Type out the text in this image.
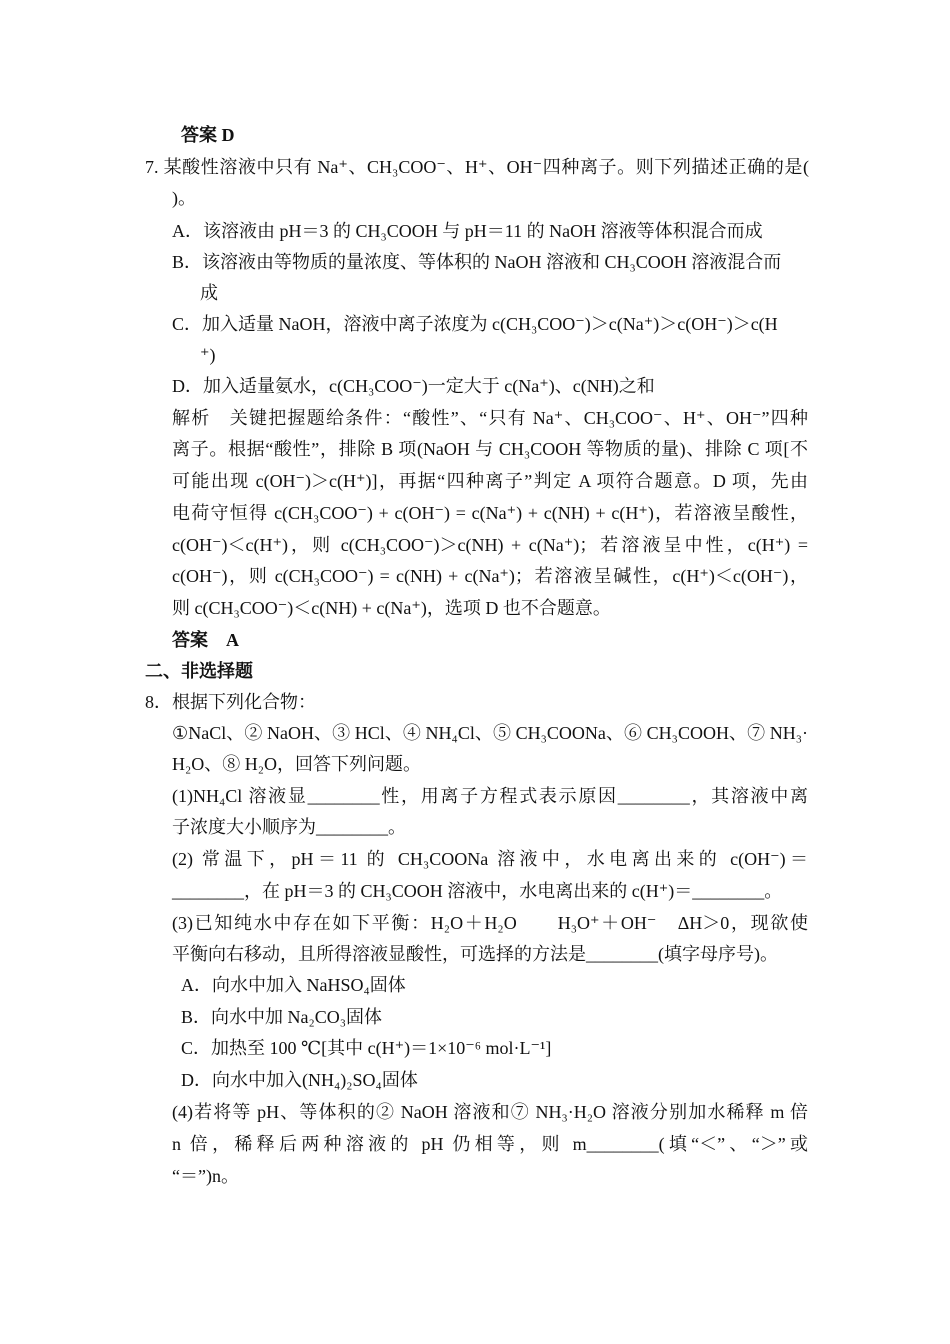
答案 D
7. 某酸性溶液中只有 Na⁺、CH₃COO⁻、H⁺、OH⁻四种离子。则下列描述正确的是(
)。
A．该溶液由 pH＝3 的 CH₃COOH 与 pH＝11 的 NaOH 溶液等体积混合而成
B．该溶液由等物质的量浓度、等体积的 NaOH 溶液和 CH₃COOH 溶液混合而
成
C．加入适量 NaOH，溶液中离子浓度为 c(CH₃COO⁻)＞c(Na⁺)＞c(OH⁻)＞c(H
⁺)
D．加入适量氨水，c(CH₃COO⁻)一定大于 c(Na⁺)、c(NH)之和
解析　关键把握题给条件：“酸性”、“只有 Na⁺、CH₃COO⁻、H⁺、OH⁻”四种
离子。根据“酸性”，排除 B 项(NaOH 与 CH₃COOH 等物质的量)、排除 C 项[不
可能出现 c(OH⁻)＞c(H⁺)]，再据“四种离子”判定 A 项符合题意。D 项，先由
电荷守恒得 c(CH₃COO⁻) + c(OH⁻) = c(Na⁺) + c(NH) + c(H⁺)，若溶液呈酸性，
c(OH⁻)＜c(H⁺)，则 c(CH₃COO⁻)＞c(NH) + c(Na⁺)；若溶液呈中性，c(H⁺) =
c(OH⁻)，则 c(CH₃COO⁻) = c(NH) + c(Na⁺)；若溶液呈碱性，c(H⁺)＜c(OH⁻)，
则 c(CH₃COO⁻)＜c(NH) + c(Na⁺)，选项 D 也不合题意。
答案　A
二、非选择题
8．根据下列化合物：
①NaCl、② NaOH、③ HCl、④ NH₄Cl、⑤ CH₃COONa、⑥ CH₃COOH、⑦ NH₃·
H₂O、⑧ H₂O，回答下列问题。
(1)NH₄Cl 溶液显________性，用离子方程式表示原因________，其溶液中离
子浓度大小顺序为________。
(2) 常温下，pH＝11 的 CH₃COONa 溶液中，水电离出来的 c(OH⁻)＝
________，在 pH＝3 的 CH₃COOH 溶液中，水电离出来的 c(H⁺)＝________。
(3)已知纯水中存在如下平衡：H₂O＋H₂O　　H₃O⁺＋OH⁻　ΔH＞0，现欲使
平衡向右移动，且所得溶液显酸性，可选择的方法是________(填字母序号)。
A．向水中加入 NaHSO₄固体
B．向水中加 Na₂CO₃固体
C．加热至 100 ℃[其中 c(H⁺)＝1×10⁻⁶ mol·L⁻¹]
D．向水中加入(NH₄)₂SO₄固体
(4)若将等 pH、等体积的② NaOH 溶液和⑦ NH₃·H₂O 溶液分别加水稀释 m 倍
n 倍，稀释后两种溶液的 pH 仍相等，则 m________(填“＜”、“＞”或
“＝”)n。
